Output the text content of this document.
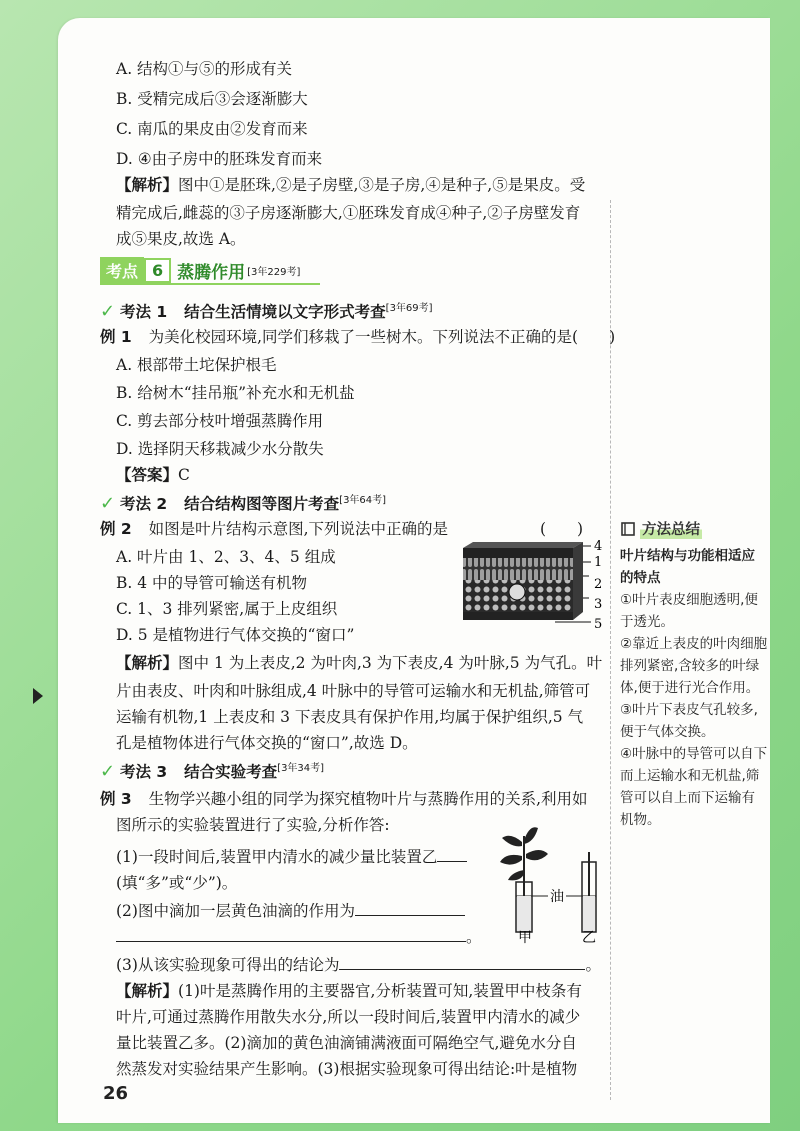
A. 结构①与⑤的形成有关
B. 受精完成后③会逐渐膨大
C. 南瓜的果皮由②发育而来
D. ④由子房中的胚珠发育而来
【解析】图中①是胚珠,②是子房壁,③是子房,④是种子,⑤是果皮。受
精完成后,雌蕊的③子房逐渐膨大,①胚珠发育成④种子,②子房壁发育
成⑤果皮,故选 A。
考点 6 蒸腾作用 [3年229考]
✓ 考法 1 结合生活情境以文字形式考查[3年69考]
例 1 为美化校园环境,同学们移栽了一些树木。下列说法不正确的是(　　)
A. 根部带土坨保护根毛
B. 给树木“挂吊瓶”补充水和无机盐
C. 剪去部分枝叶增强蒸腾作用
D. 选择阴天移栽减少水分散失
【答案】C
✓ 考法 2 结合结构图等图片考查[3年64考]
例 2 如图是叶片结构示意图,下列说法中正确的是	(　　)
A. 叶片由 1、2、3、4、5 组成
B. 4 中的导管可输送有机物
C. 1、3 排列紧密,属于上皮组织
D. 5 是植物进行气体交换的“窗口”
4
1
2
3
5
【解析】图中 1 为上表皮,2 为叶肉,3 为下表皮,4 为叶脉,5 为气孔。叶
片由表皮、叶肉和叶脉组成,4 叶脉中的导管可运输水和无机盐,筛管可
运输有机物,1 上表皮和 3 下表皮具有保护作用,均属于保护组织,5 气
孔是植物体进行气体交换的“窗口”,故选 D。
✓ 考法 3 结合实验考查[3年34考]
例 3 生物学兴趣小组的同学为探究植物叶片与蒸腾作用的关系,利用如
图所示的实验装置进行了实验,分析作答:
(1)一段时间后,装置甲内清水的减少量比装置乙
(填“多”或“少”)。
(2)图中滴加一层黄色油滴的作用为
。
(3)从该实验现象可得出的结论为	。
油
甲	乙
【解析】(1)叶是蒸腾作用的主要器官,分析装置可知,装置甲中枝条有
叶片,可通过蒸腾作用散失水分,所以一段时间后,装置甲内清水的减少
量比装置乙多。(2)滴加的黄色油滴铺满液面可隔绝空气,避免水分自
然蒸发对实验结果产生影响。(3)根据实验现象可得出结论:叶是植物
方法总结
叶片结构与功能相适应的特点
①叶片表皮细胞透明,便于透光。
②靠近上表皮的叶肉细胞排列紧密,含较多的叶绿体,便于进行光合作用。
③叶片下表皮气孔较多,便于气体交换。
④叶脉中的导管可以自下而上运输水和无机盐,筛管可以自上而下运输有机物。
26
